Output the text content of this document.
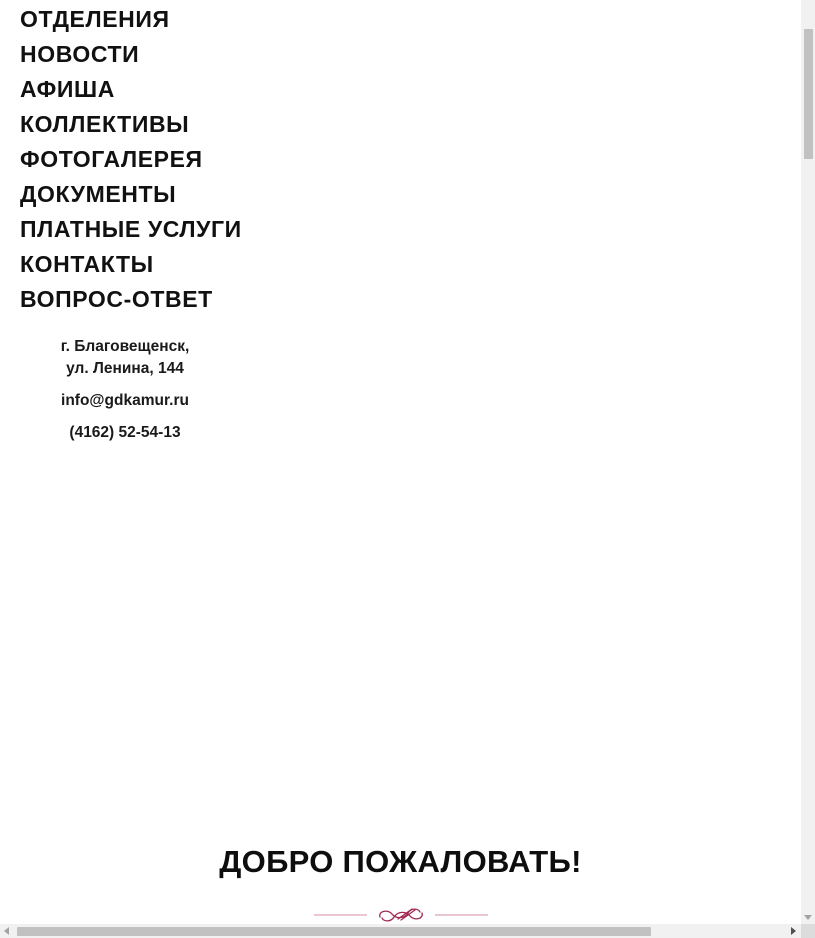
ОТДЕЛЕНИЯ
НОВОСТИ
АФИША
КОЛЛЕКТИВЫ
ФОТОГАЛЕРЕЯ
ДОКУМЕНТЫ
ПЛАТНЫЕ УСЛУГИ
КОНТАКТЫ
ВОПРОС-ОТВЕТ
г. Благовещенск,
ул. Ленина, 144
info@gdkamur.ru
(4162) 52-54-13
ДОБРО ПОЖАЛОВАТЬ!
